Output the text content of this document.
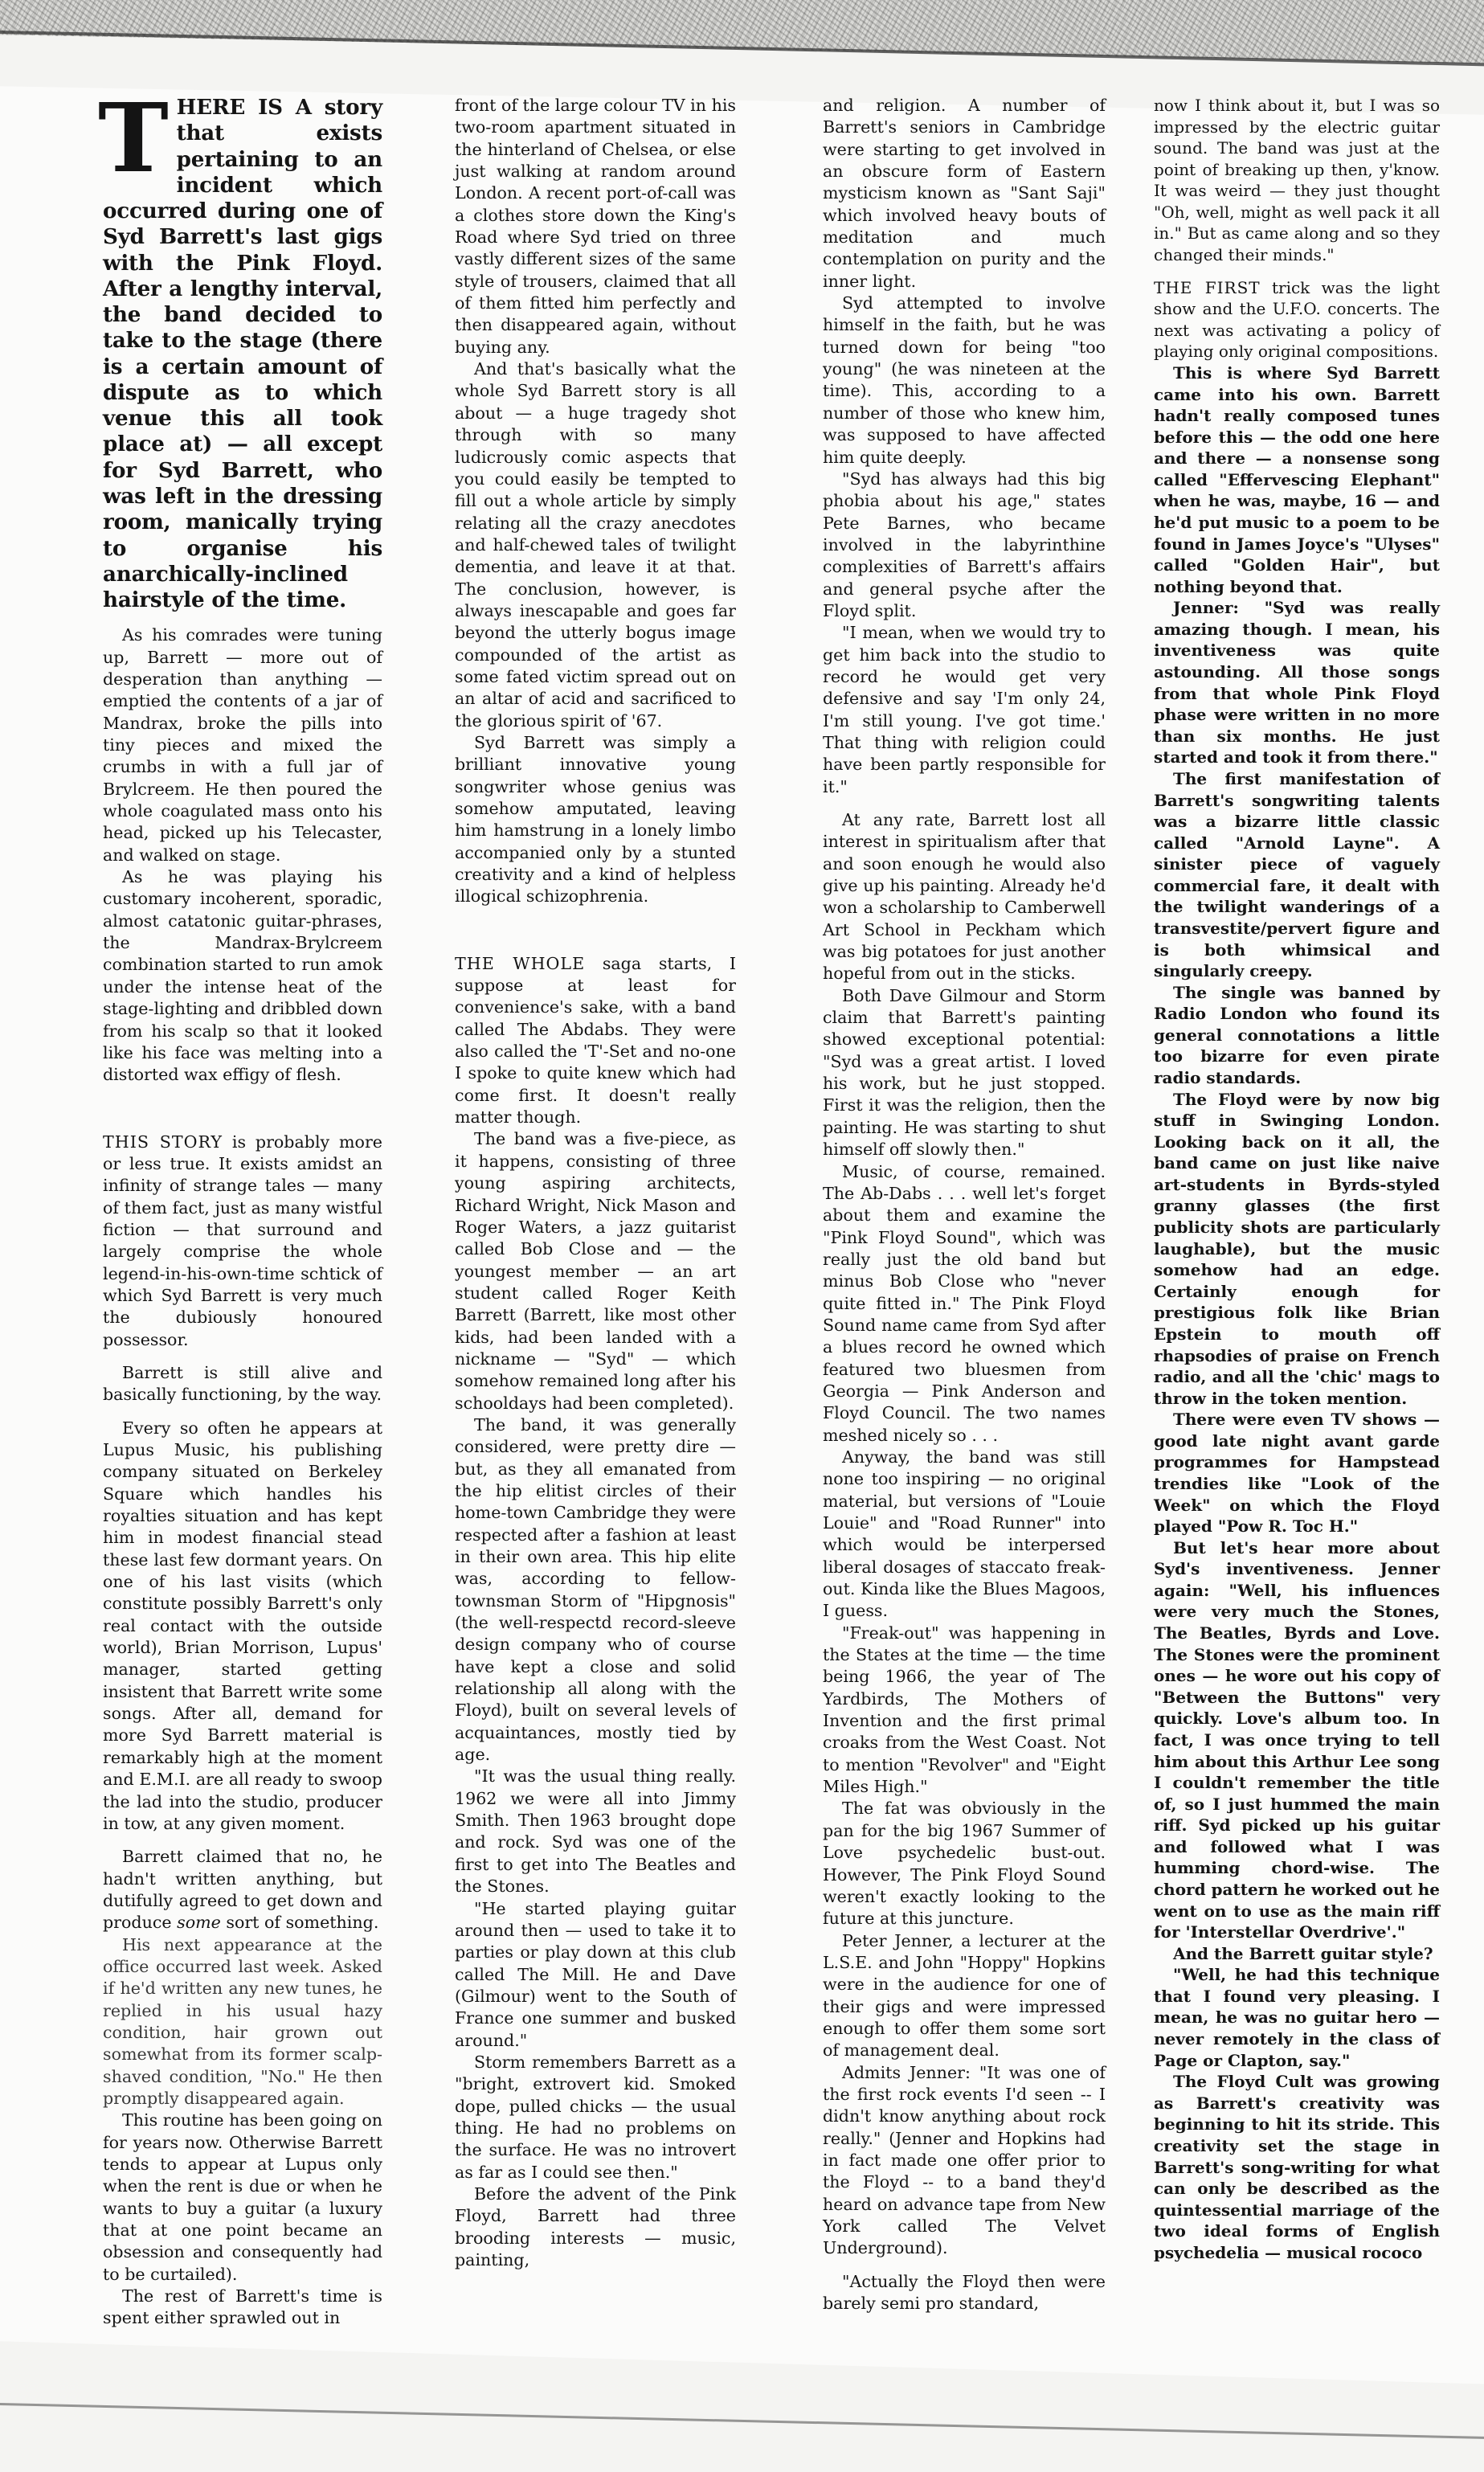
THERE IS A story that exists pertaining to an incident which occurred during one of Syd Barrett's last gigs with the Pink Floyd. After a lengthy interval, the band decided to take to the stage (there is a certain amount of dispute as to which venue this all took place at) — all except for Syd Barrett, who was left in the dressing room, manically trying to organise his anarchically-inclined hairstyle of the time.

As his comrades were tuning up, Barrett — more out of desperation than anything — emptied the contents of a jar of Mandrax, broke the pills into tiny pieces and mixed the crumbs in with a full jar of Brylcreem. He then poured the whole coagulated mass onto his head, picked up his Telecaster, and walked on stage.

As he was playing his customary incoherent, sporadic, almost catatonic guitar-phrases, the Mandrax-Brylcreem combination started to run amok under the intense heat of the stage-lighting and dribbled down from his scalp so that it looked like his face was melting into a distorted wax effigy of flesh.

THIS STORY is probably more or less true. It exists amidst an infinity of strange tales — many of them fact, just as many wistful fiction — that surround and largely comprise the whole legend-in-his-own-time schtick of which Syd Barrett is very much the dubiously honoured possessor.

Barrett is still alive and basically functioning, by the way.

Every so often he appears at Lupus Music, his publishing company situated on Berkeley Square which handles his royalties situation and has kept him in modest financial stead these last few dormant years. On one of his last visits (which constitute possibly Barrett's only real contact with the outside world), Brian Morrison, Lupus' manager, started getting insistent that Barrett write some songs. After all, demand for more Syd Barrett material is remarkably high at the moment and E.M.I. are all ready to swoop the lad into the studio, producer in tow, at any given moment.

Barrett claimed that no, he hadn't written anything, but dutifully agreed to get down and produce some sort of something.

His next appearance at the office occurred last week. Asked if he'd written any new tunes, he replied in his usual hazy condition, hair grown out somewhat from its former scalp-shaved condition, "No." He then promptly disappeared again.

This routine has been going on for years now. Otherwise Barrett tends to appear at Lupus only when the rent is due or when he wants to buy a guitar (a luxury that at one point became an obsession and consequently had to be curtailed).

The rest of Barrett's time is spent either sprawled out in

front of the large colour TV in his two-room apartment situated in the hinterland of Chelsea, or else just walking at random around London. A recent port-of-call was a clothes store down the King's Road where Syd tried on three vastly different sizes of the same style of trousers, claimed that all of them fitted him perfectly and then disappeared again, without buying any.

And that's basically what the whole Syd Barrett story is all about — a huge tragedy shot through with so many ludicrously comic aspects that you could easily be tempted to fill out a whole article by simply relating all the crazy anecdotes and half-chewed tales of twilight dementia, and leave it at that. The conclusion, however, is always inescapable and goes far beyond the utterly bogus image compounded of the artist as some fated victim spread out on an altar of acid and sacrificed to the glorious spirit of '67.

Syd Barrett was simply a brilliant innovative young songwriter whose genius was somehow amputated, leaving him hamstrung in a lonely limbo accompanied only by a stunted creativity and a kind of helpless illogical schizophrenia.

THE WHOLE saga starts, I suppose at least for convenience's sake, with a band called The Abdabs. They were also called the 'T'-Set and no-one I spoke to quite knew which had come first. It doesn't really matter though.

The band was a five-piece, as it happens, consisting of three young aspiring architects, Richard Wright, Nick Mason and Roger Waters, a jazz guitarist called Bob Close and — the youngest member — an art student called Roger Keith Barrett (Barrett, like most other kids, had been landed with a nickname — "Syd" — which somehow remained long after his schooldays had been completed).

The band, it was generally considered, were pretty dire — but, as they all emanated from the hip elitist circles of their home-town Cambridge they were respected after a fashion at least in their own area. This hip elite was, according to fellow-townsman Storm of "Hipgnosis" (the well-respectd record-sleeve design company who of course have kept a close and solid relationship all along with the Floyd), built on several levels of acquaintances, mostly tied by age.

"It was the usual thing really. 1962 we were all into Jimmy Smith. Then 1963 brought dope and rock. Syd was one of the first to get into The Beatles and the Stones.

"He started playing guitar around then — used to take it to parties or play down at this club called The Mill. He and Dave (Gilmour) went to the South of France one summer and busked around."

Storm remembers Barrett as a "bright, extrovert kid. Smoked dope, pulled chicks — the usual thing. He had no problems on the surface. He was no introvert as far as I could see then."

Before the advent of the Pink Floyd, Barrett had three brooding interests — music, painting,

and religion. A number of Barrett's seniors in Cambridge were starting to get involved in an obscure form of Eastern mysticism known as "Sant Saji" which involved heavy bouts of meditation and much contemplation on purity and the inner light.

Syd attempted to involve himself in the faith, but he was turned down for being "too young" (he was nineteen at the time). This, according to a number of those who knew him, was supposed to have affected him quite deeply.

"Syd has always had this big phobia about his age," states Pete Barnes, who became involved in the labyrinthine complexities of Barrett's affairs and general psyche after the Floyd split.

"I mean, when we would try to get him back into the studio to record he would get very defensive and say 'I'm only 24, I'm still young. I've got time.' That thing with religion could have been partly responsible for it."

At any rate, Barrett lost all interest in spiritualism after that and soon enough he would also give up his painting. Already he'd won a scholarship to Camberwell Art School in Peckham which was big potatoes for just another hopeful from out in the sticks.

Both Dave Gilmour and Storm claim that Barrett's painting showed exceptional potential: "Syd was a great artist. I loved his work, but he just stopped. First it was the religion, then the painting. He was starting to shut himself off slowly then."

Music, of course, remained. The Ab-Dabs . . . well let's forget about them and examine the "Pink Floyd Sound", which was really just the old band but minus Bob Close who "never quite fitted in." The Pink Floyd Sound name came from Syd after a blues record he owned which featured two bluesmen from Georgia — Pink Anderson and Floyd Council. The two names meshed nicely so . . .

Anyway, the band was still none too inspiring — no original material, but versions of "Louie Louie" and "Road Runner" into which would be interpersed liberal dosages of staccato freak-out. Kinda like the Blues Magoos, I guess.

"Freak-out" was happening in the States at the time — the time being 1966, the year of The Yardbirds, The Mothers of Invention and the first primal croaks from the West Coast. Not to mention "Revolver" and "Eight Miles High."

The fat was obviously in the pan for the big 1967 Summer of Love psychedelic bust-out. However, The Pink Floyd Sound weren't exactly looking to the future at this juncture.

Peter Jenner, a lecturer at the L.S.E. and John "Hoppy" Hopkins were in the audience for one of their gigs and were impressed enough to offer them some sort of management deal.

Admits Jenner: "It was one of the first rock events I'd seen -- I didn't know anything about rock really." (Jenner and Hopkins had in fact made one offer prior to the Floyd -- to a band they'd heard on advance tape from New York called The Velvet Underground).

"Actually the Floyd then were barely semi pro standard,

now I think about it, but I was so impressed by the electric guitar sound. The band was just at the point of breaking up then, y'know. It was weird — they just thought "Oh, well, might as well pack it all in." But as came along and so they changed their minds."

THE FIRST trick was the light show and the U.F.O. concerts. The next was activating a policy of playing only original compositions.

This is where Syd Barrett came into his own. Barrett hadn't really composed tunes before this — the odd one here and there — a nonsense song called "Effervescing Elephant" when he was, maybe, 16 — and he'd put music to a poem to be found in James Joyce's "Ulyses" called "Golden Hair", but nothing beyond that.

Jenner: "Syd was really amazing though. I mean, his inventiveness was quite astounding. All those songs from that whole Pink Floyd phase were written in no more than six months. He just started and took it from there."

The first manifestation of Barrett's songwriting talents was a bizarre little classic called "Arnold Layne". A sinister piece of vaguely commercial fare, it dealt with the twilight wanderings of a transvestite/pervert figure and is both whimsical and singularly creepy.

The single was banned by Radio London who found its general connotations a little too bizarre for even pirate radio standards.

The Floyd were by now big stuff in Swinging London. Looking back on it all, the band came on just like naive art-students in Byrds-styled granny glasses (the first publicity shots are particularly laughable), but the music somehow had an edge. Certainly enough for prestigious folk like Brian Epstein to mouth off rhapsodies of praise on French radio, and all the 'chic' mags to throw in the token mention.

There were even TV shows — good late night avant garde programmes for Hampstead trendies like "Look of the Week" on which the Floyd played "Pow R. Toc H."

But let's hear more about Syd's inventiveness. Jenner again: "Well, his influences were very much the Stones, The Beatles, Byrds and Love. The Stones were the prominent ones — he wore out his copy of "Between the Buttons" very quickly. Love's album too. In fact, I was once trying to tell him about this Arthur Lee song I couldn't remember the title of, so I just hummed the main riff. Syd picked up his guitar and followed what I was humming chord-wise. The chord pattern he worked out he went on to use as the main riff for 'Interstellar Overdrive'."

And the Barrett guitar style?

"Well, he had this technique that I found very pleasing. I mean, he was no guitar hero — never remotely in the class of Page or Clapton, say."

The Floyd Cult was growing as Barrett's creativity was beginning to hit its stride. This creativity set the stage in Barrett's song-writing for what can only be described as the quintessential marriage of the two ideal forms of English psychedelia — musical rococo
